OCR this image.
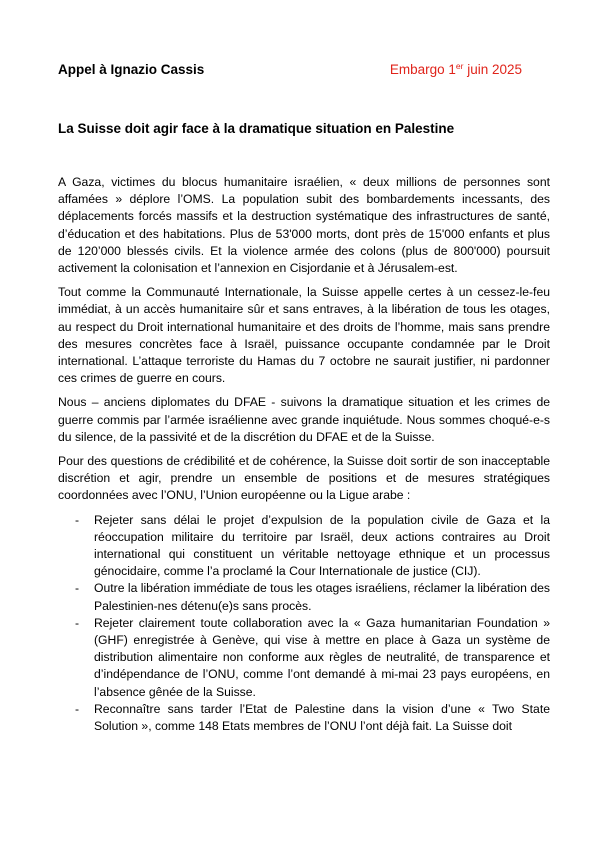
Appel à Ignazio Cassis	Embargo 1er juin 2025
La Suisse doit agir face à la dramatique situation en Palestine

A Gaza, victimes du blocus humanitaire israélien, « deux millions de personnes sont affamées » déplore l’OMS. La population subit des bombardements incessants, des déplacements forcés massifs et la destruction systématique des infrastructures de santé, d’éducation et des habitations. Plus de 53'000 morts, dont près de 15'000 enfants et plus de 120’000 blessés civils. Et la violence armée des colons (plus de 800'000) poursuit activement la colonisation et l’annexion en Cisjordanie et à Jérusalem-est.

Tout comme la Communauté Internationale, la Suisse appelle certes à un cessez-le-feu immédiat, à un accès humanitaire sûr et sans entraves, à la libération de tous les otages, au respect du Droit international humanitaire et des droits de l’homme, mais sans prendre des mesures concrètes face à Israël, puissance occupante condamnée par le Droit international. L’attaque terroriste du Hamas du 7 octobre ne saurait justifier, ni pardonner ces crimes de guerre en cours.

Nous – anciens diplomates du DFAE - suivons la dramatique situation et les crimes de guerre commis par l’armée israélienne avec grande inquiétude. Nous sommes choqué-e-s du silence, de la passivité et de la discrétion du DFAE et de la Suisse.

Pour des questions de crédibilité et de cohérence, la Suisse doit sortir de son inacceptable discrétion et agir, prendre un ensemble de positions et de mesures stratégiques coordonnées avec l’ONU, l’Union européenne ou la Ligue arabe :

- Rejeter sans délai le projet d’expulsion de la population civile de Gaza et la réoccupation militaire du territoire par Israël, deux actions contraires au Droit international qui constituent un véritable nettoyage ethnique et un processus génocidaire, comme l’a proclamé la Cour Internationale de justice (CIJ).
- Outre la libération immédiate de tous les otages israéliens, réclamer la libération des Palestinien-nes détenu(e)s sans procès.
- Rejeter clairement toute collaboration avec la « Gaza humanitarian Foundation » (GHF) enregistrée à Genève, qui vise à mettre en place à Gaza un système de distribution alimentaire non conforme aux règles de neutralité, de transparence et d’indépendance de l’ONU, comme l’ont demandé à mi-mai 23 pays européens, en l’absence gênée de la Suisse.
- Reconnaître sans tarder l’Etat de Palestine dans la vision d’une « Two State Solution », comme 148 Etats membres de l’ONU l’ont déjà fait. La Suisse doit
